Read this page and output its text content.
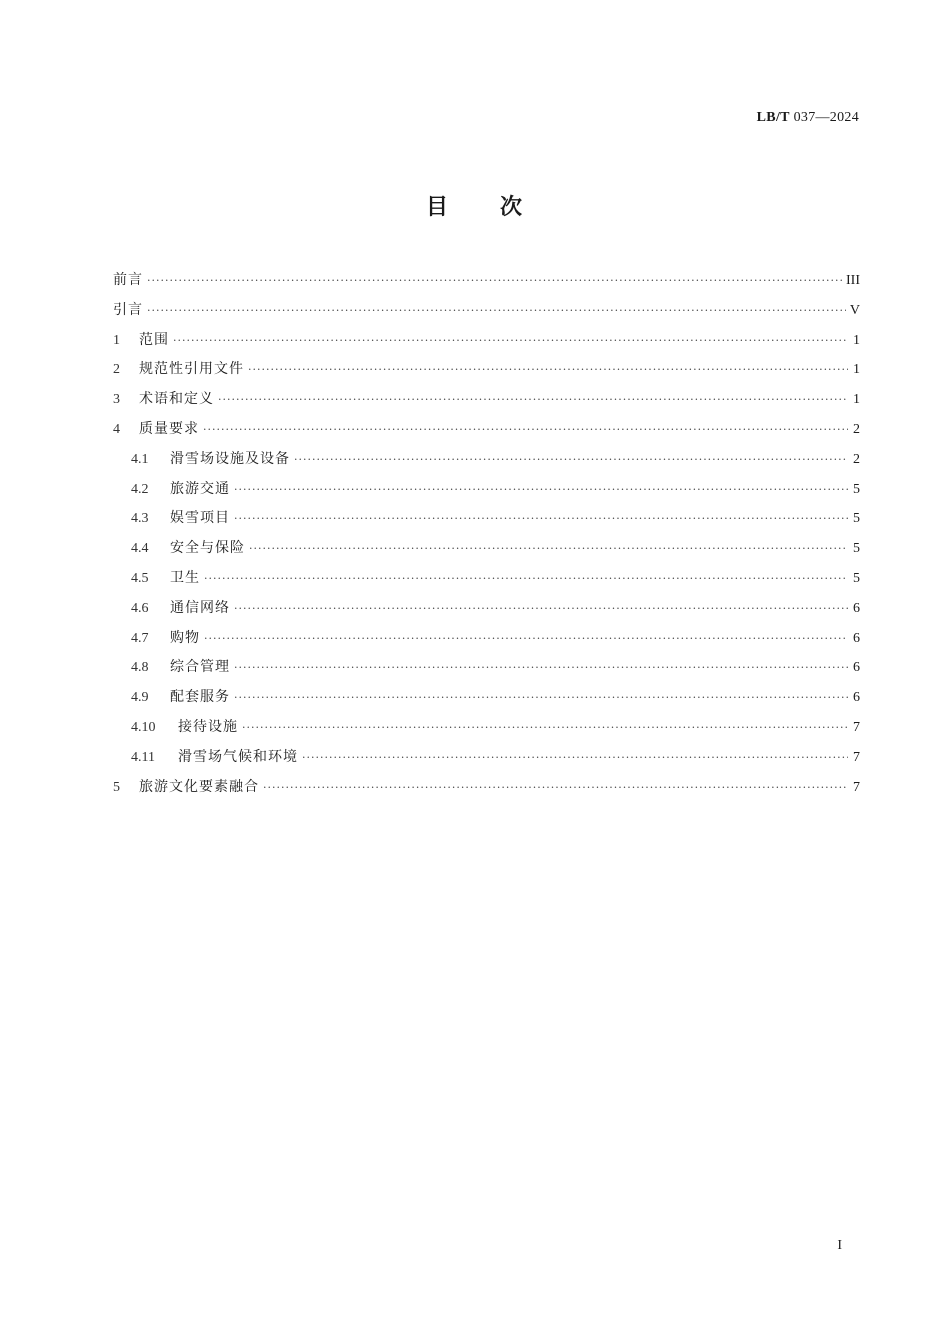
LB/T 037—2024
目 次
前言 ·····	III
引言 ·····	V
1	范围 ·····	1
2	规范性引用文件 ·····	1
3	术语和定义 ·····	1
4	质量要求 ·····	2
4.1	滑雪场设施及设备 ·····	2
4.2	旅游交通 ·····	5
4.3	娱雪项目 ·····	5
4.4	安全与保险 ·····	5
4.5	卫生 ·····	5
4.6	通信网络 ·····	6
4.7	购物 ·····	6
4.8	综合管理 ·····	6
4.9	配套服务 ·····	6
4.10	接待设施 ·····	7
4.11	滑雪场气候和环境 ·····	7
5	旅游文化要素融合 ·····	7
I
